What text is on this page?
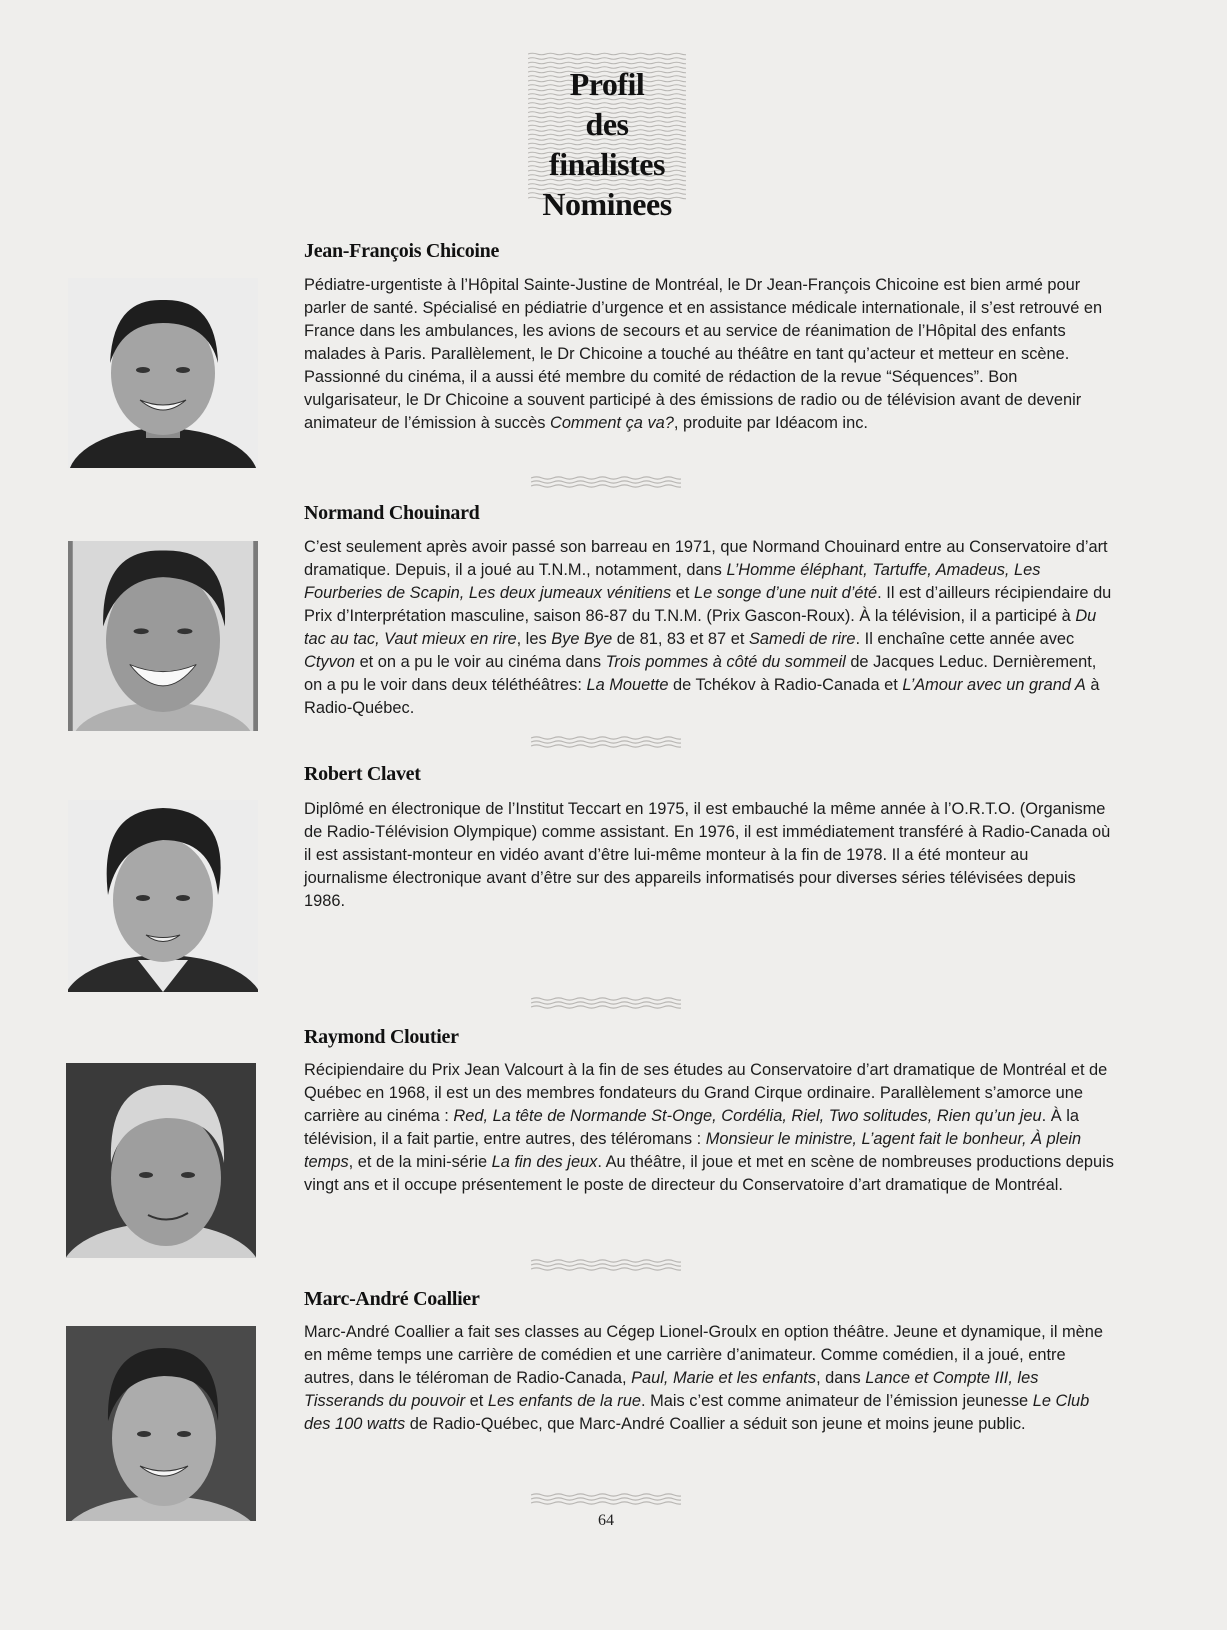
Profil
des finalistes
Nominees
Jean-François Chicoine
Pédiatre-urgentiste à l’Hôpital Sainte-Justine de Montréal, le Dr Jean-François Chicoine est bien armé pour parler de santé. Spécialisé en pédiatrie d’urgence et en assistance médicale internationale, il s’est retrouvé en France dans les ambulances, les avions de secours et au service de réanimation de l’Hôpital des enfants malades à Paris. Parallèlement, le Dr Chicoine a touché au théâtre en tant qu’acteur et metteur en scène. Passionné du cinéma, il a aussi été membre du comité de rédaction de la revue “Séquences”. Bon vulgarisateur, le Dr Chicoine a souvent participé à des émissions de radio ou de télévision avant de devenir animateur de l’émission à succès Comment ça va?, produite par Idéacom inc.
Normand Chouinard
C’est seulement après avoir passé son barreau en 1971, que Normand Chouinard entre au Conservatoire d’art dramatique. Depuis, il a joué au T.N.M., notamment, dans L’Homme éléphant, Tartuffe, Amadeus, Les Fourberies de Scapin, Les deux jumeaux vénitiens et Le songe d’une nuit d’été. Il est d’ailleurs récipiendaire du Prix d’Interprétation masculine, saison 86-87 du T.N.M. (Prix Gascon-Roux). À la télévision, il a participé à Du tac au tac, Vaut mieux en rire, les Bye Bye de 81, 83 et 87 et Samedi de rire. Il enchaîne cette année avec Ctyvon et on a pu le voir au cinéma dans Trois pommes à côté du sommeil de Jacques Leduc. Dernièrement, on a pu le voir dans deux téléthéâtres: La Mouette de Tchékov à Radio-Canada et L’Amour avec un grand A à Radio-Québec.
Robert Clavet
Diplômé en électronique de l’Institut Teccart en 1975, il est embauché la même année à l’O.R.T.O. (Organisme de Radio-Télévision Olympique) comme assistant. En 1976, il est immédiatement transféré à Radio-Canada où il est assistant-monteur en vidéo avant d’être lui-même monteur à la fin de 1978. Il a été monteur au journalisme électronique avant d’être sur des appareils informatisés pour diverses séries télévisées depuis 1986.
Raymond Cloutier
Récipiendaire du Prix Jean Valcourt à la fin de ses études au Conservatoire d’art dramatique de Montréal et de Québec en 1968, il est un des membres fondateurs du Grand Cirque ordinaire. Parallèlement s’amorce une carrière au cinéma : Red, La tête de Normande St-Onge, Cordélia, Riel, Two solitudes, Rien qu’un jeu. À la télévision, il a fait partie, entre autres, des téléromans : Monsieur le ministre, L’agent fait le bonheur, À plein temps, et de la mini-série La fin des jeux. Au théâtre, il joue et met en scène de nombreuses productions depuis vingt ans et il occupe présentement le poste de directeur du Conservatoire d’art dramatique de Montréal.
Marc-André Coallier
Marc-André Coallier a fait ses classes au Cégep Lionel-Groulx en option théâtre. Jeune et dynamique, il mène en même temps une carrière de comédien et une carrière d’animateur. Comme comédien, il a joué, entre autres, dans le téléroman de Radio-Canada, Paul, Marie et les enfants, dans Lance et Compte III, les Tisserands du pouvoir et Les enfants de la rue. Mais c’est comme animateur de l’émission jeunesse Le Club des 100 watts de Radio-Québec, que Marc-André Coallier a séduit son jeune et moins jeune public.
64
